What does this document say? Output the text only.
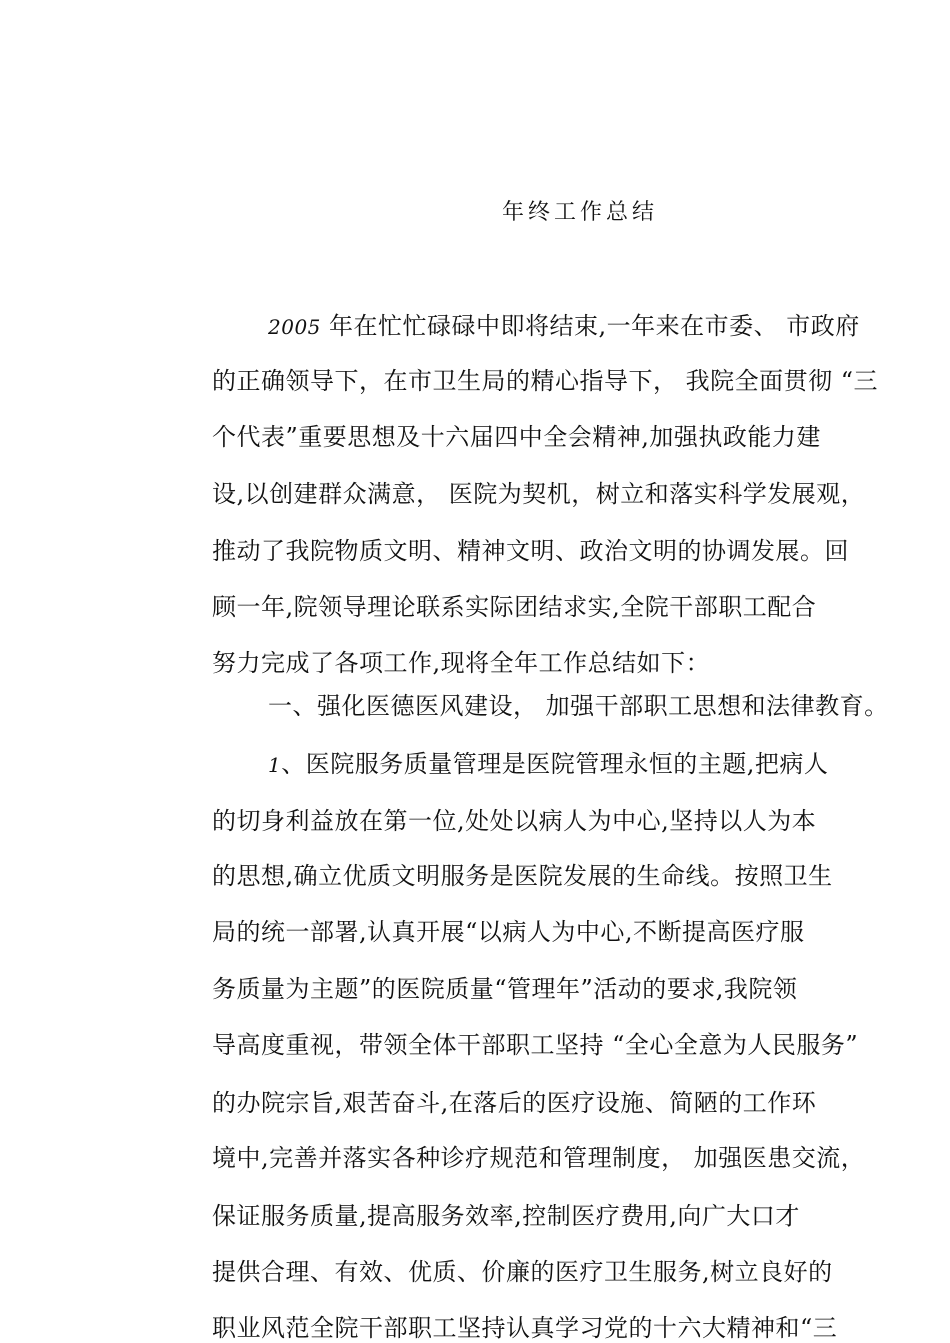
年终工作总结
2005 年在忙忙碌碌中即将结束,一年来在市委、 市政府
的正确领导下，在市卫生局的精心指导下， 我院全面贯彻 “三
个代表”重要思想及十六届四中全会精神,加强执政能力建
设,以创建群众满意， 医院为契机，树立和落实科学发展观，
推动了我院物质文明、精神文明、政治文明的协调发展。回
顾一年,院领导理论联系实际团结求实,全院干部职工配合
努力完成了各项工作,现将全年工作总结如下：
一、强化医德医风建设， 加强干部职工思想和法律教育。
1、医院服务质量管理是医院管理永恒的主题,把病人
的切身利益放在第一位,处处以病人为中心,坚持以人为本
的思想,确立优质文明服务是医院发展的生命线。按照卫生
局的统一部署,认真开展“以病人为中心,不断提高医疗服
务质量为主题”的医院质量“管理年”活动的要求,我院领
导高度重视，带领全体干部职工坚持 “全心全意为人民服务”
的办院宗旨,艰苦奋斗,在落后的医疗设施、简陋的工作环
境中,完善并落实各种诊疗规范和管理制度， 加强医患交流，
保证服务质量,提高服务效率,控制医疗费用,向广大口才
提供合理、有效、优质、价廉的医疗卫生服务,树立良好的
职业风范全院干部职工坚持认真学习党的十六大精神和“三
